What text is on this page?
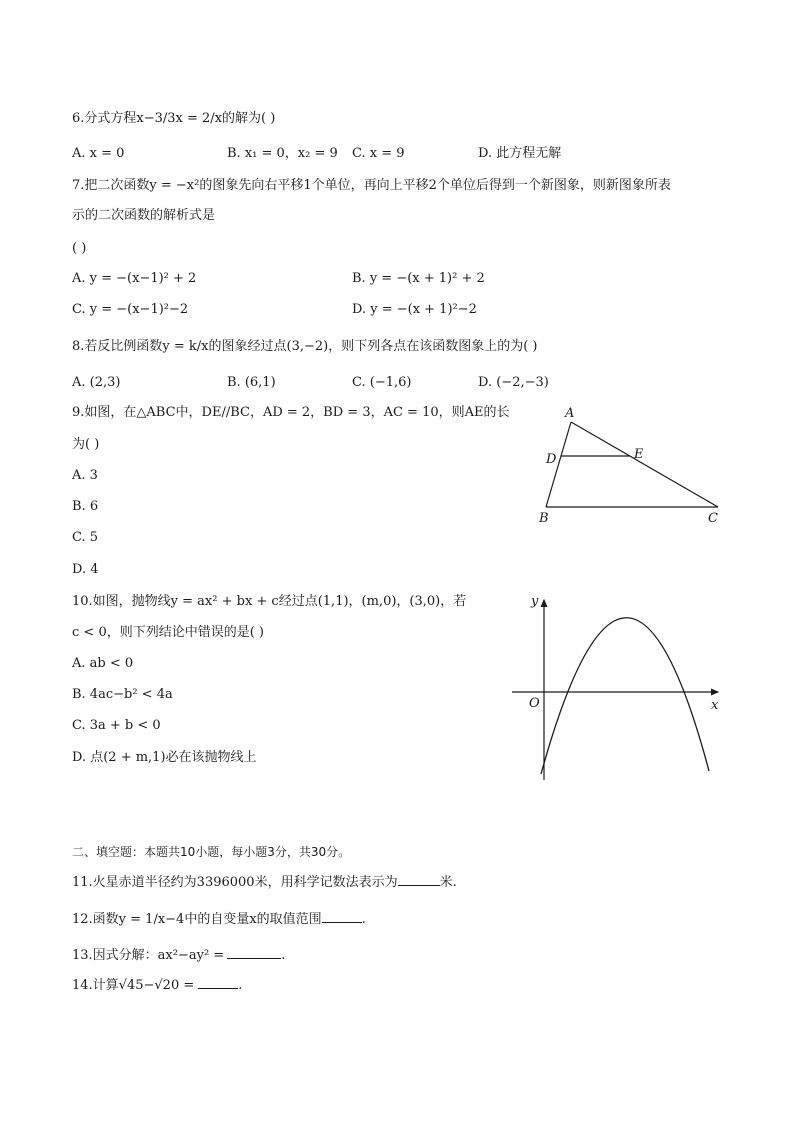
6.分式方程x−3/3x = 2/x的解为( )
A. x = 0	B. x₁ = 0，x₂ = 9 C. x = 9	D. 此方程无解
7.把二次函数y = −x²的图象先向右平移1个单位，再向上平移2个单位后得到一个新图象，则新图象所表
示的二次函数的解析式是
( )
A. y = −(x−1)² + 2	B. y = −(x + 1)² + 2
C. y = −(x−1)²−2	D. y = −(x + 1)²−2
8.若反比例函数y = k/x的图象经过点(3,−2)，则下列各点在该函数图象上的为( )
A. (2,3)	B. (6,1)	C. (−1,6)	D. (−2,−3)
9.如图，在△ABC中，DE//BC，AD = 2，BD = 3，AC = 10，则AE的长
为( )
A. 3
B. 6
C. 5
D. 4
A
D	E
B	C
10.如图，抛物线y = ax² + bx + c经过点(1,1)，(m,0)，(3,0)，若
c < 0，则下列结论中错误的是( )
A. ab < 0
B. 4ac−b² < 4a
C. 3a + b < 0
D. 点(2 + m,1)必在该抛物线上
y
x
O
二、填空题：本题共10小题，每小题3分，共30分。
11.火星赤道半径约为3396000米，用科学记数法表示为	米.
12.函数y = 1/x−4中的自变量x的取值范围	.
13.因式分解：ax²−ay² =	.
14.计算√45−√20 =	.
